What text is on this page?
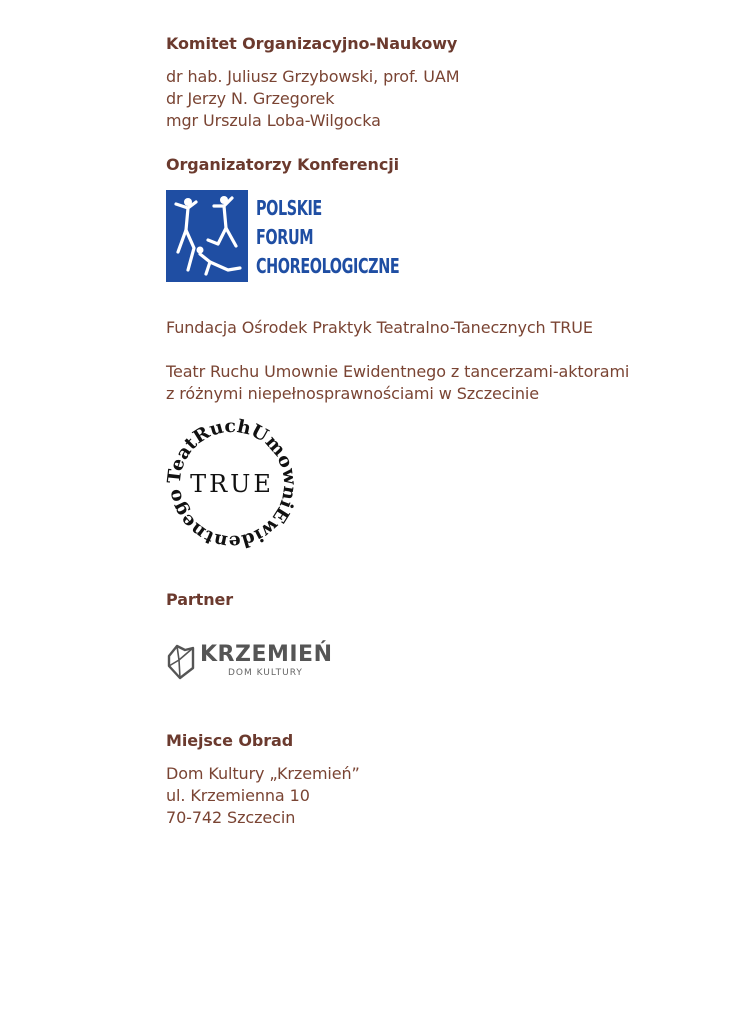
Komitet Organizacyjno-Naukowy
dr hab. Juliusz Grzybowski, prof. UAM
dr Jerzy N. Grzegorek
mgr Urszula Loba-Wilgocka
Organizatorzy Konferencji
POLSKIE
FORUM
CHOREOLOGICZNE
Fundacja Ośrodek Praktyk Teatralno-Tanecznych TRUE
Teatr Ruchu Umownie Ewidentnego z tancerzami-aktorami
z różnymi niepełnosprawnościami w Szczecinie
eatRuchUmo niEwidentnego TRUE
Partner
KRZEMIEŃ
DOM KULTURY
Miejsce Obrad
Dom Kultury „Krzemień”
ul. Krzemienna 10
70-742 Szczecin
